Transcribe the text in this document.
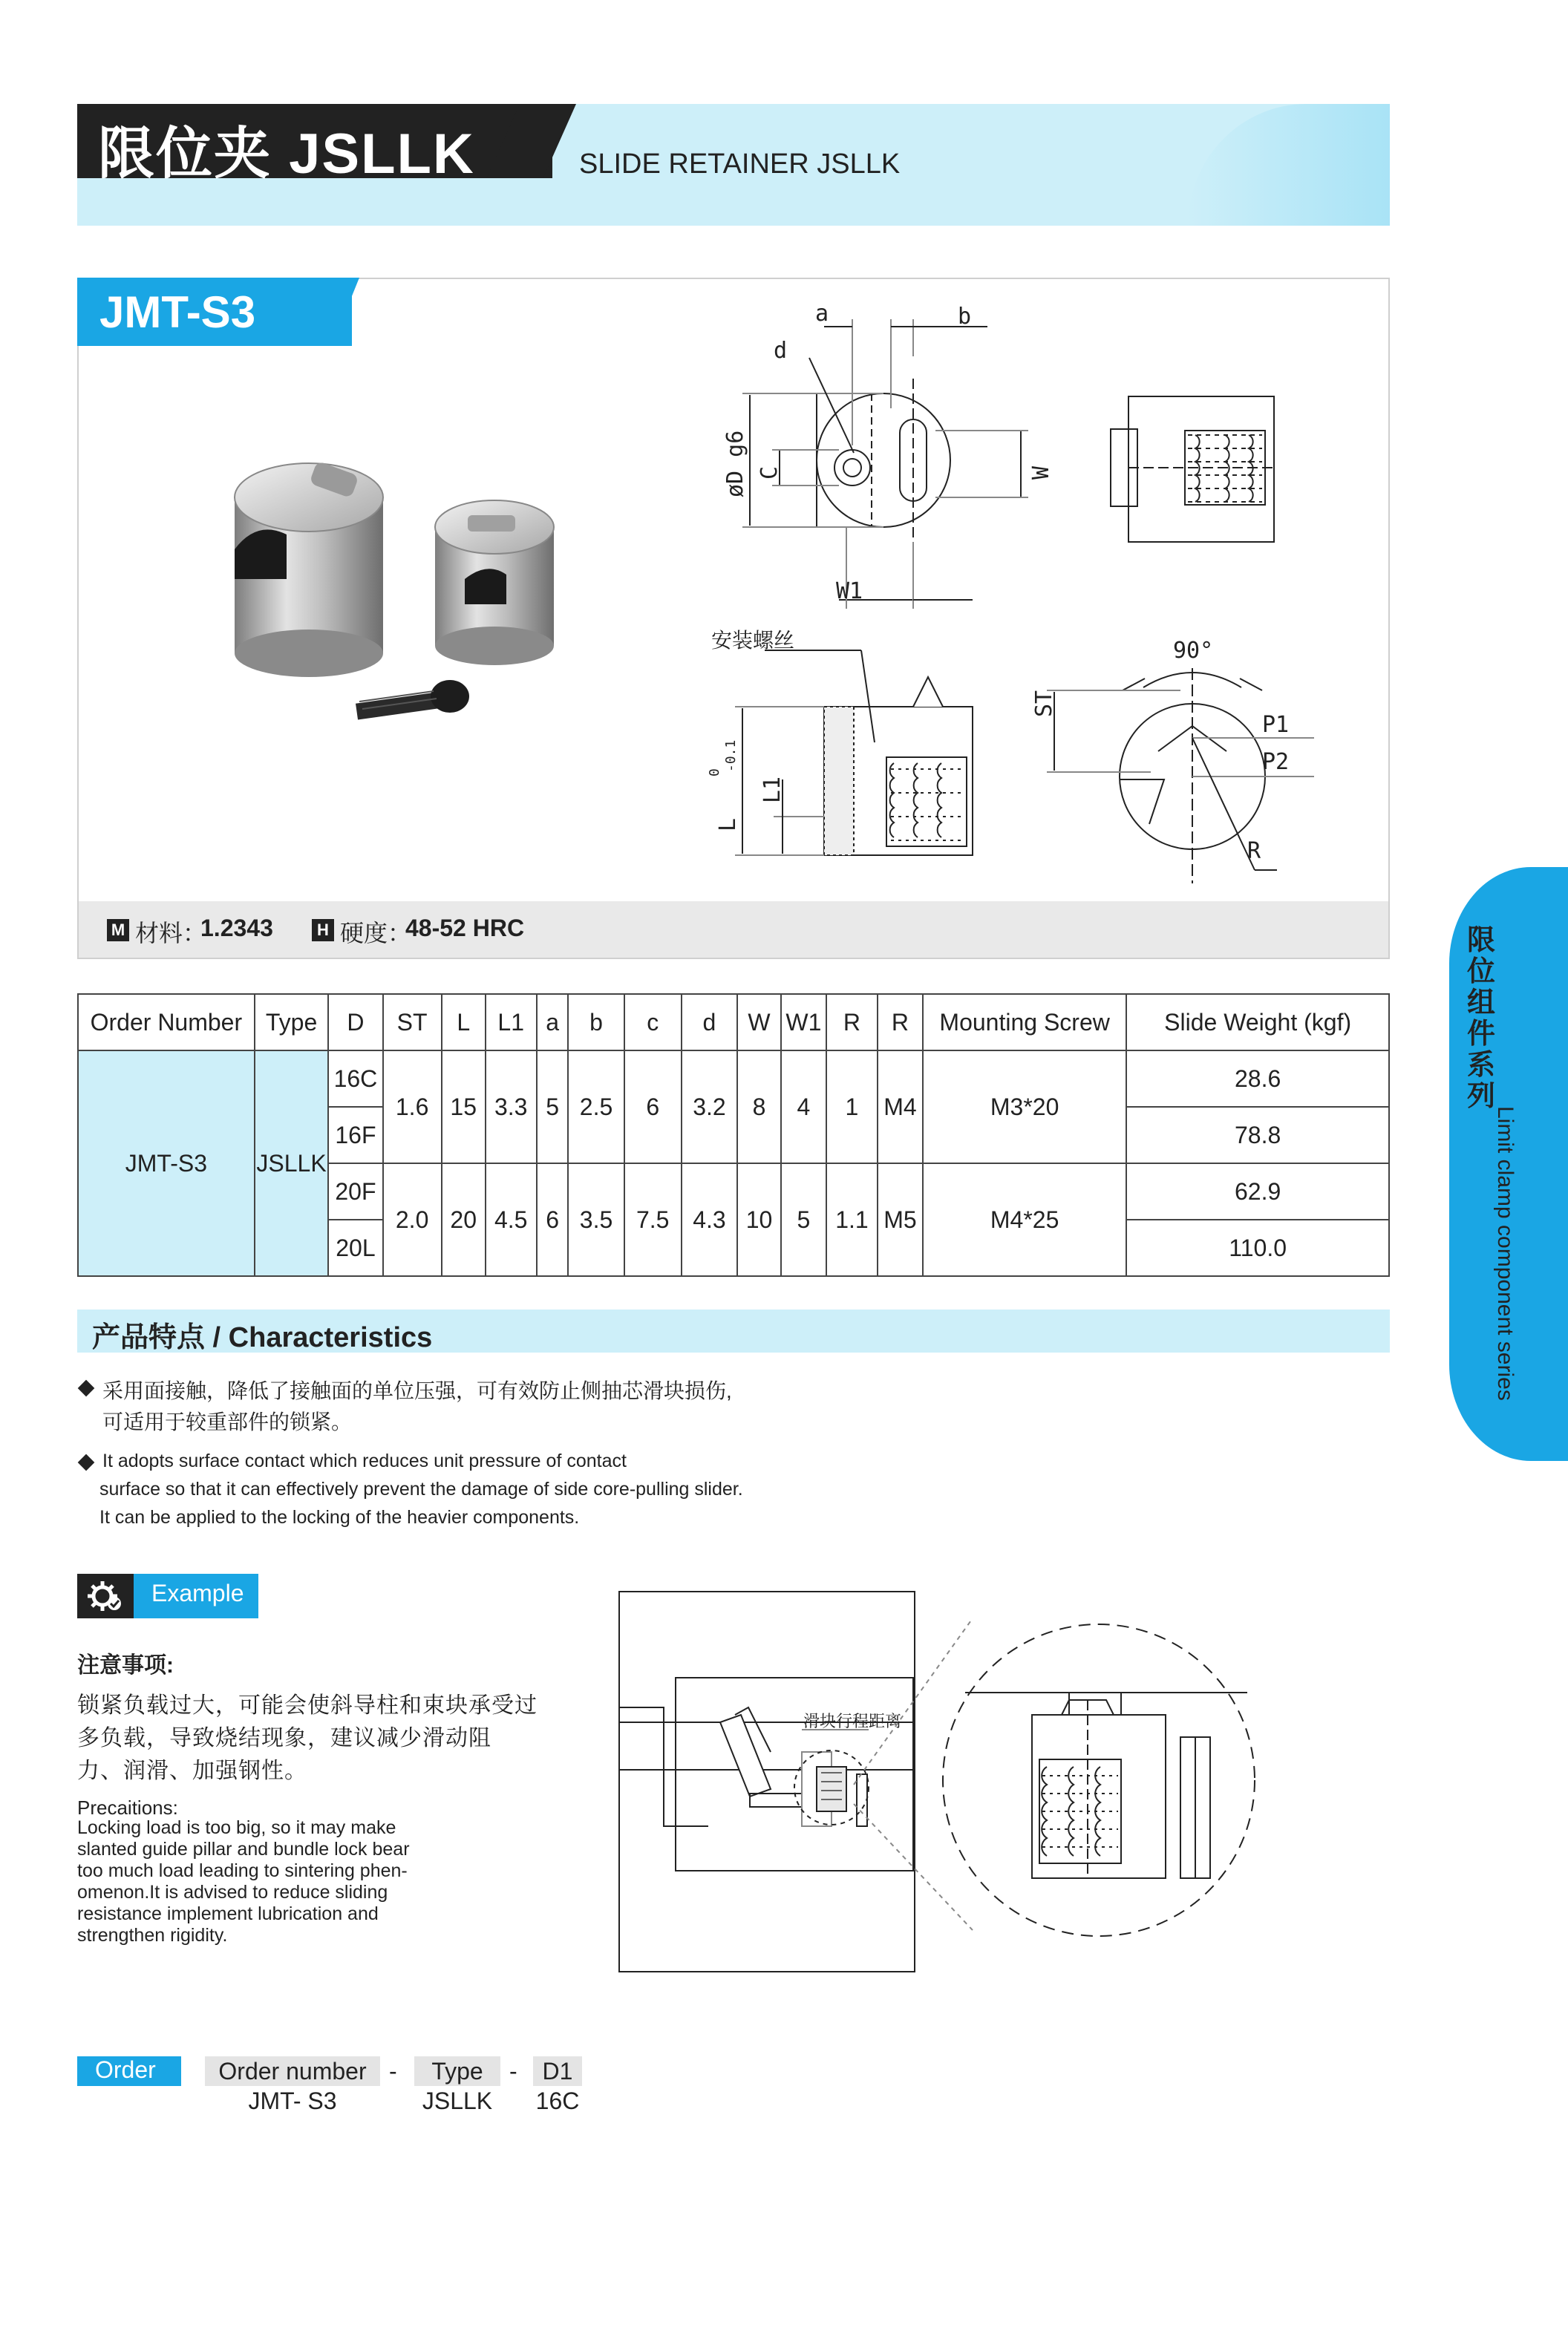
限位夹 JSLLK	SLIDE RETAINER JSLLK
JMT-S3	a	b
d
øD g6 C	W
W1
L
0
-0.1
L1
安装螺丝	90°
ST
P1
P2
R
M 材料：
1.2343	H 硬度：
48-52 HRC
Order Number	Type	D	ST	L	L1	a	b	c	d	W	W1	R	R	Mounting Screw	Slide Weight (kgf)
JMT-S3	JSLLK	16C	1.6	15	3.3	5	2.5	6	3.2	8	4	1	M4	M3*20	28.6
		16F													78.8
		20F	2.0	20	4.5	6	3.5	7.5	4.3	10	5	1.1	M5	M4*25	62.9
		20L													110.0
产品特点 / Characteristics
采用面接触，降低了接触面的单位压强，可有效防止侧抽芯滑块损伤,
可适用于较重部件的锁紧。
It adopts surface contact which reduces unit pressure of contact
surface so that it can effectively prevent the damage of side core-pulling slider.
It can be applied to the locking of the heavier components.
Example
注意事项:
锁紧负载过大，可能会使斜导柱和束块承受过
多负载，导致烧结现象，建议减少滑动阻
力、润滑、加强钢性。
Precaitions:
Locking load is too big, so it may make
slanted guide pillar and bundle lock bear
too much load leading to sintering phen-
omenon.It is advised to reduce sliding
resistance implement lubrication and
strengthen rigidity.
滑块行程距离
限位组件系列
Limit clamp component series
Order	Order number -	Type	-	D1
JMT- S3	JSLLK	16C
